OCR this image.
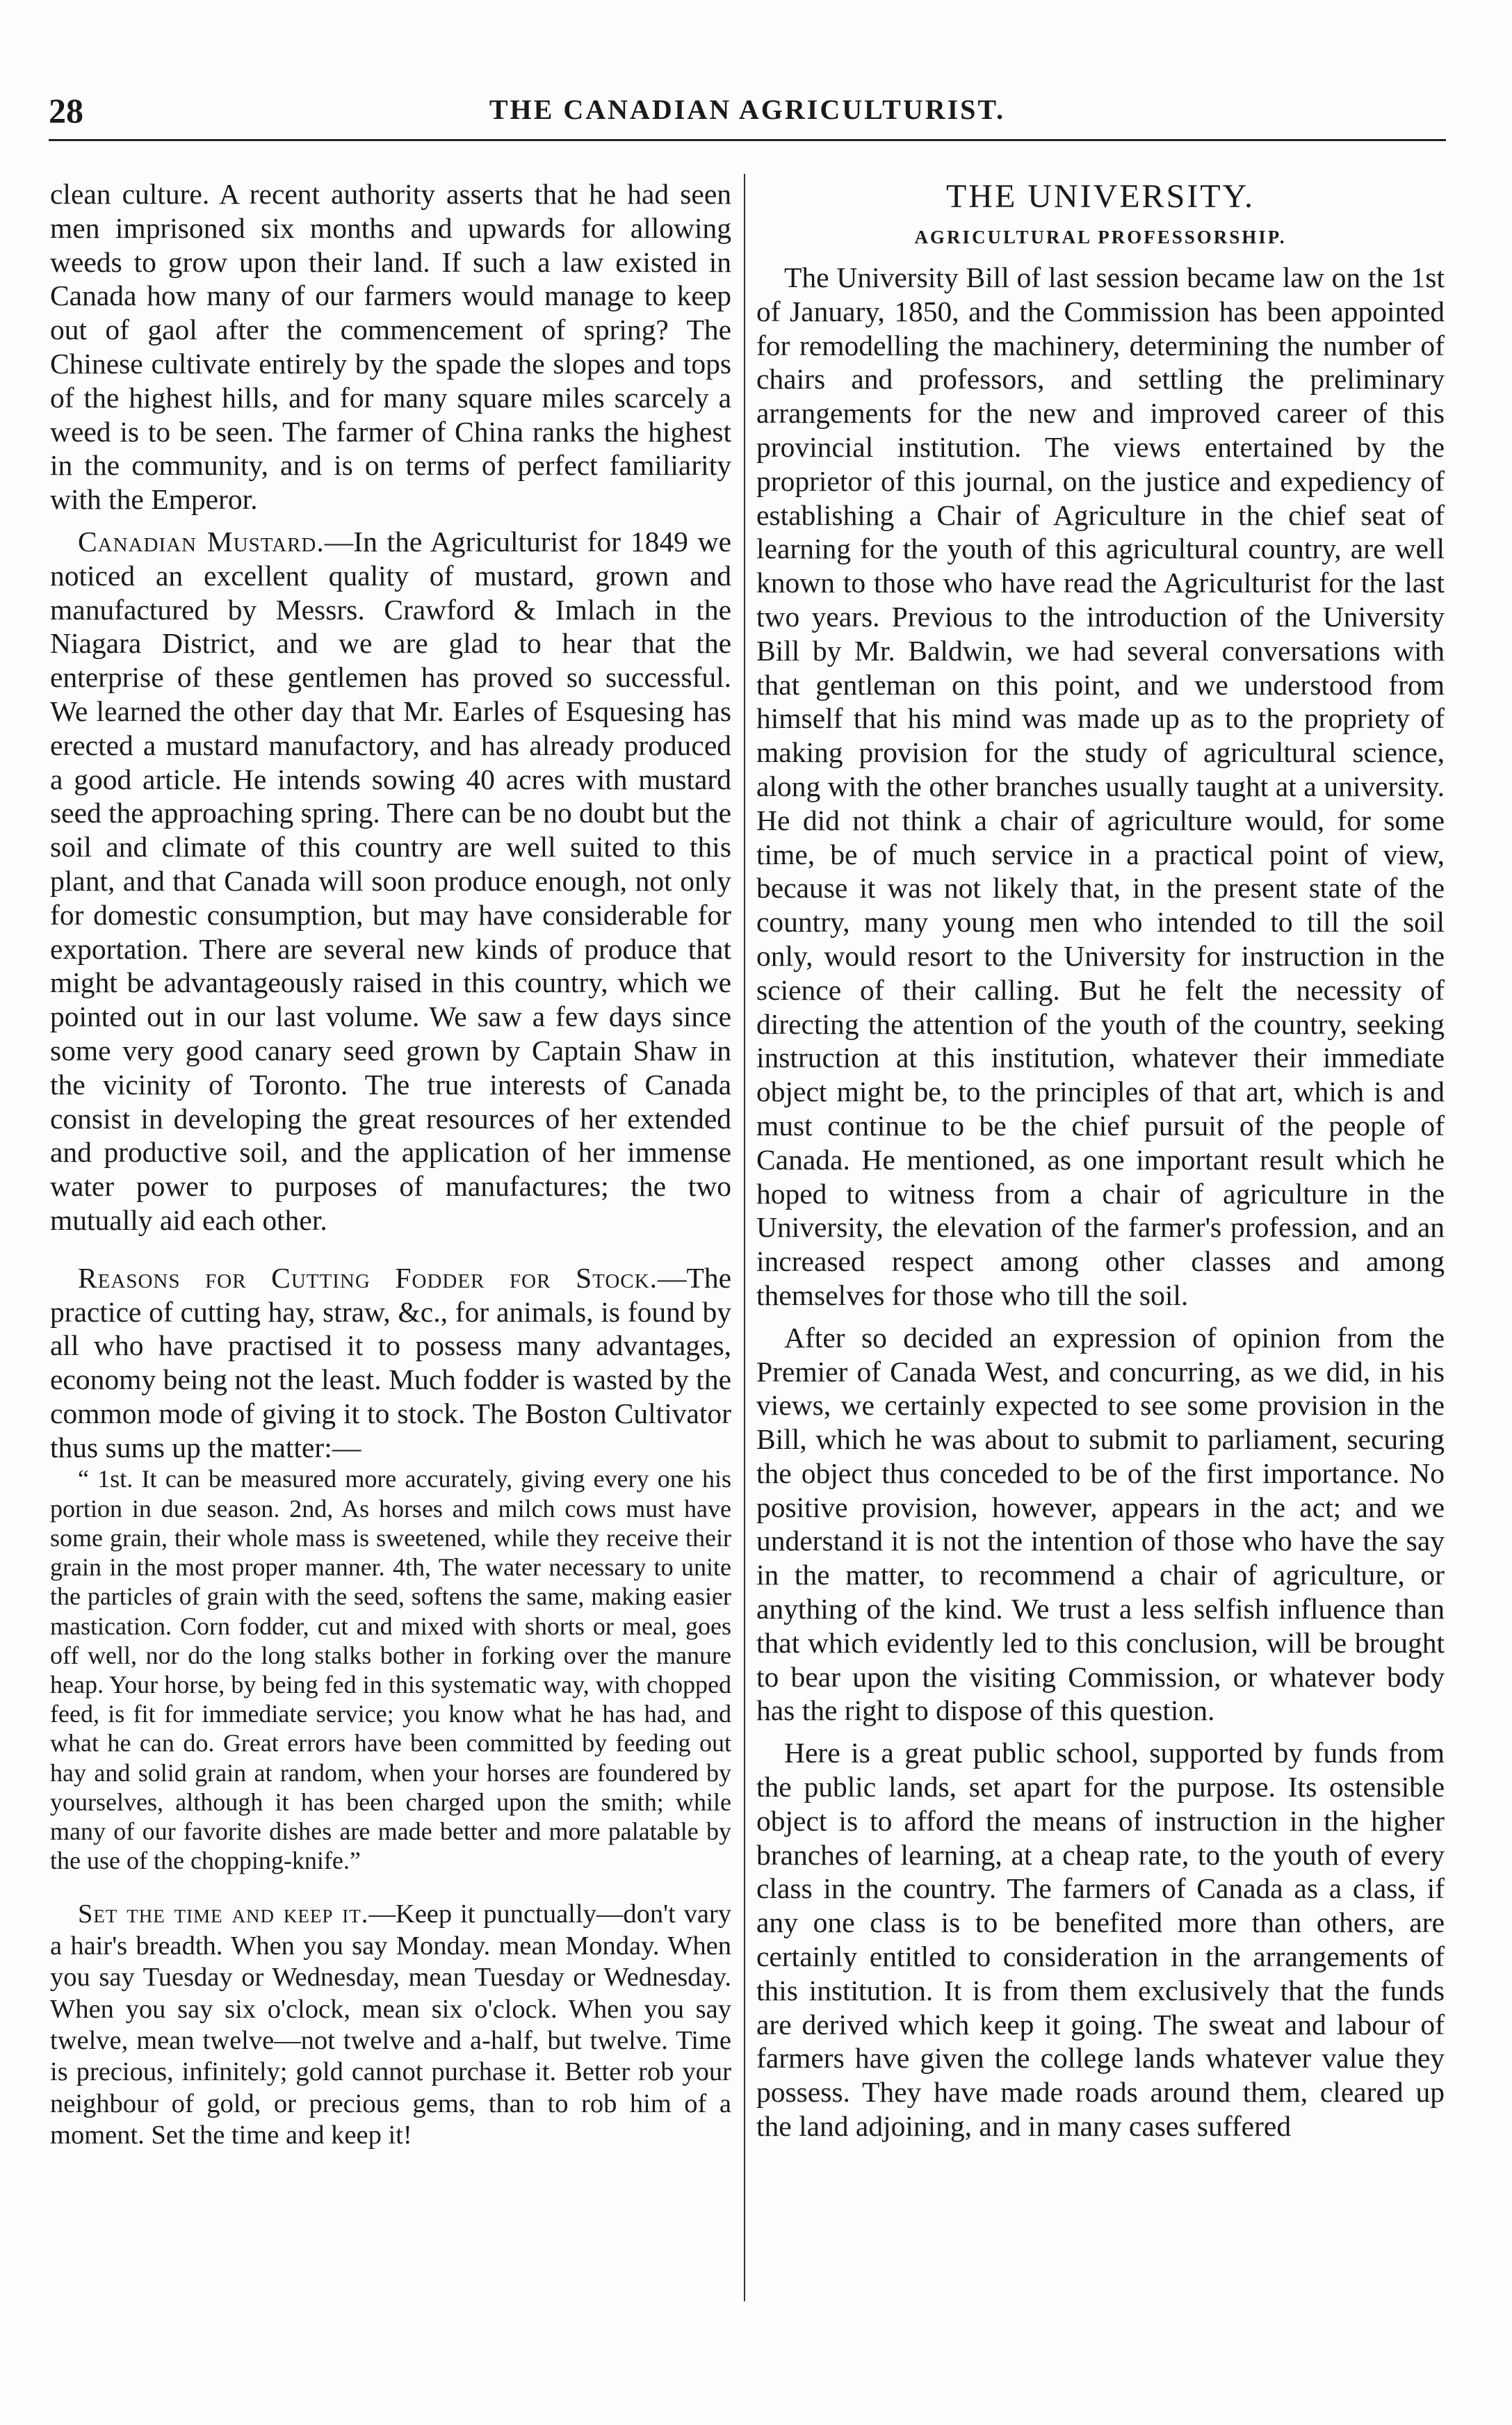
28	THE CANADIAN AGRICULTURIST.

clean culture. A recent authority asserts that he had seen men imprisoned six months and upwards for allowing weeds to grow upon their land. If such a law existed in Canada how many of our farmers would manage to keep out of gaol after the commencement of spring? The Chinese cultivate entirely by the spade the slopes and tops of the highest hills, and for many square miles scarcely a weed is to be seen. The farmer of China ranks the highest in the community, and is on terms of perfect familiarity with the Emperor.

Canadian Mustard.—In the Agriculturist for 1849 we noticed an excellent quality of mustard, grown and manufactured by Messrs. Crawford & Imlach in the Niagara District, and we are glad to hear that the enterprise of these gentlemen has proved so successful. We learned the other day that Mr. Earles of Esquesing has erected a mustard manufactory, and has already produced a good article. He intends sowing 40 acres with mustard seed the approaching spring. There can be no doubt but the soil and climate of this country are well suited to this plant, and that Canada will soon produce enough, not only for domestic consumption, but may have considerable for exportation. There are several new kinds of produce that might be advantageously raised in this country, which we pointed out in our last volume. We saw a few days since some very good canary seed grown by Captain Shaw in the vicinity of Toronto. The true interests of Canada consist in developing the great resources of her extended and productive soil, and the application of her immense water power to purposes of manufactures; the two mutually aid each other.

Reasons for Cutting Fodder for Stock.—The practice of cutting hay, straw, &c., for animals, is found by all who have practised it to possess many advantages, economy being not the least. Much fodder is wasted by the common mode of giving it to stock. The Boston Cultivator thus sums up the matter:—

“ 1st. It can be measured more accurately, giving every one his portion in due season. 2nd, As horses and milch cows must have some grain, their whole mass is sweetened, while they receive their grain in the most proper manner. 4th, The water necessary to unite the particles of grain with the seed, softens the same, making easier mastication. Corn fodder, cut and mixed with shorts or meal, goes off well, nor do the long stalks bother in forking over the manure heap. Your horse, by being fed in this systematic way, with chopped feed, is fit for immediate service; you know what he has had, and what he can do. Great errors have been committed by feeding out hay and solid grain at random, when your horses are foundered by yourselves, although it has been charged upon the smith; while many of our favorite dishes are made better and more palatable by the use of the chopping-knife.”

Set the time and keep it.—Keep it punctually—don't vary a hair's breadth. When you say Monday. mean Monday. When you say Tuesday or Wednesday, mean Tuesday or Wednesday. When you say six o'clock, mean six o'clock. When you say twelve, mean twelve—not twelve and a-half, but twelve. Time is precious, infinitely; gold cannot purchase it. Better rob your neighbour of gold, or precious gems, than to rob him of a moment. Set the time and keep it!

THE UNIVERSITY.
AGRICULTURAL PROFESSORSHIP.

The University Bill of last session became law on the 1st of January, 1850, and the Commission has been appointed for remodelling the machinery, determining the number of chairs and professors, and settling the preliminary arrangements for the new and improved career of this provincial institution. The views entertained by the proprietor of this journal, on the justice and expediency of establishing a Chair of Agriculture in the chief seat of learning for the youth of this agricultural country, are well known to those who have read the Agriculturist for the last two years. Previous to the introduction of the University Bill by Mr. Baldwin, we had several conversations with that gentleman on this point, and we understood from himself that his mind was made up as to the propriety of making provision for the study of agricultural science, along with the other branches usually taught at a university. He did not think a chair of agriculture would, for some time, be of much service in a practical point of view, because it was not likely that, in the present state of the country, many young men who intended to till the soil only, would resort to the University for instruction in the science of their calling. But he felt the necessity of directing the attention of the youth of the country, seeking instruction at this institution, whatever their immediate object might be, to the principles of that art, which is and must continue to be the chief pursuit of the people of Canada. He mentioned, as one important result which he hoped to witness from a chair of agriculture in the University, the elevation of the farmer's profession, and an increased respect among other classes and among themselves for those who till the soil.

After so decided an expression of opinion from the Premier of Canada West, and concurring, as we did, in his views, we certainly expected to see some provision in the Bill, which he was about to submit to parliament, securing the object thus conceded to be of the first importance. No positive provision, however, appears in the act; and we understand it is not the intention of those who have the say in the matter, to recommend a chair of agriculture, or anything of the kind. We trust a less selfish influence than that which evidently led to this conclusion, will be brought to bear upon the visiting Commission, or whatever body has the right to dispose of this question.

Here is a great public school, supported by funds from the public lands, set apart for the purpose. Its ostensible object is to afford the means of instruction in the higher branches of learning, at a cheap rate, to the youth of every class in the country. The farmers of Canada as a class, if any one class is to be benefited more than others, are certainly entitled to consideration in the arrangements of this institution. It is from them exclusively that the funds are derived which keep it going. The sweat and labour of farmers have given the college lands whatever value they possess. They have made roads around them, cleared up the land adjoining, and in many cases suffered
